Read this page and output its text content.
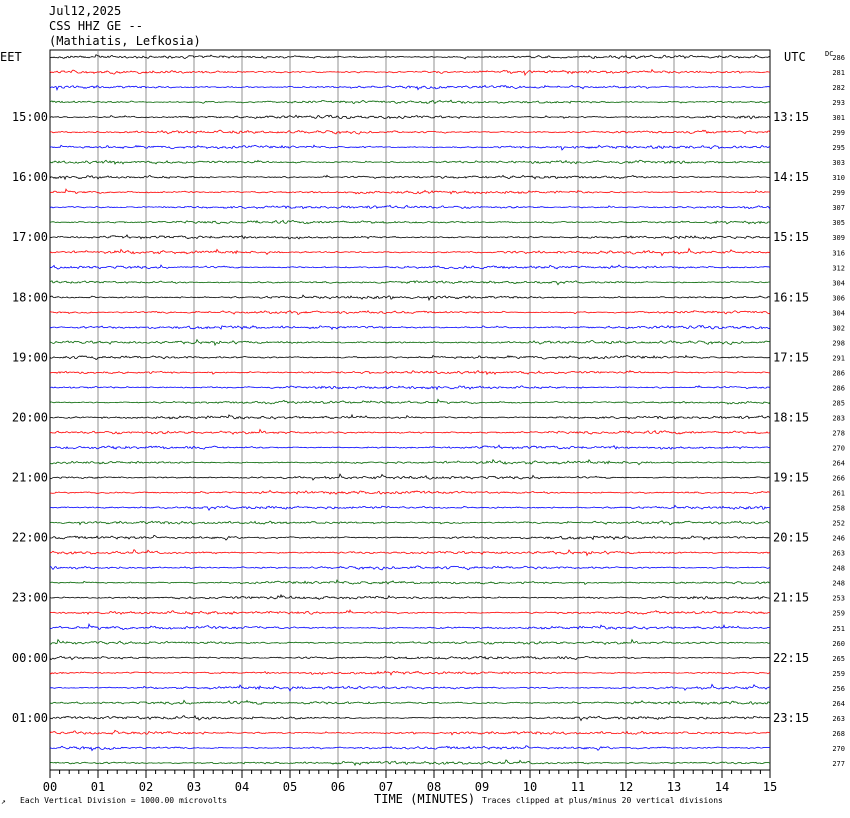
Jul12,2025
CSS HHZ GE --
(Mathiatis, Lefkosia)
00	01	02	03	04	05	06	07	08	09	10	11	12	13	14	15
EET	UTC	DC
15:00
16:00
17:00
18:00
19:00
20:00
21:00
22:00
23:00
00:00
01:00
13:15
14:15
15:15
16:15
17:15
18:15
19:15
20:15
21:15
22:15
23:15
286
281
282
293
301
299
295
303
310
299
307
305
309
316
312
304
306
304
302
298
291
286
286
285
283
278
270
264
266
261
258
252
246
263
248
248
253
259
251
260
265
259
256
264
263
268
270
277
↗ Each Vertical Division = 1000.00 microvolts	TIME (MINUTES) Traces clipped at plus/minus 20 vertical divisions
